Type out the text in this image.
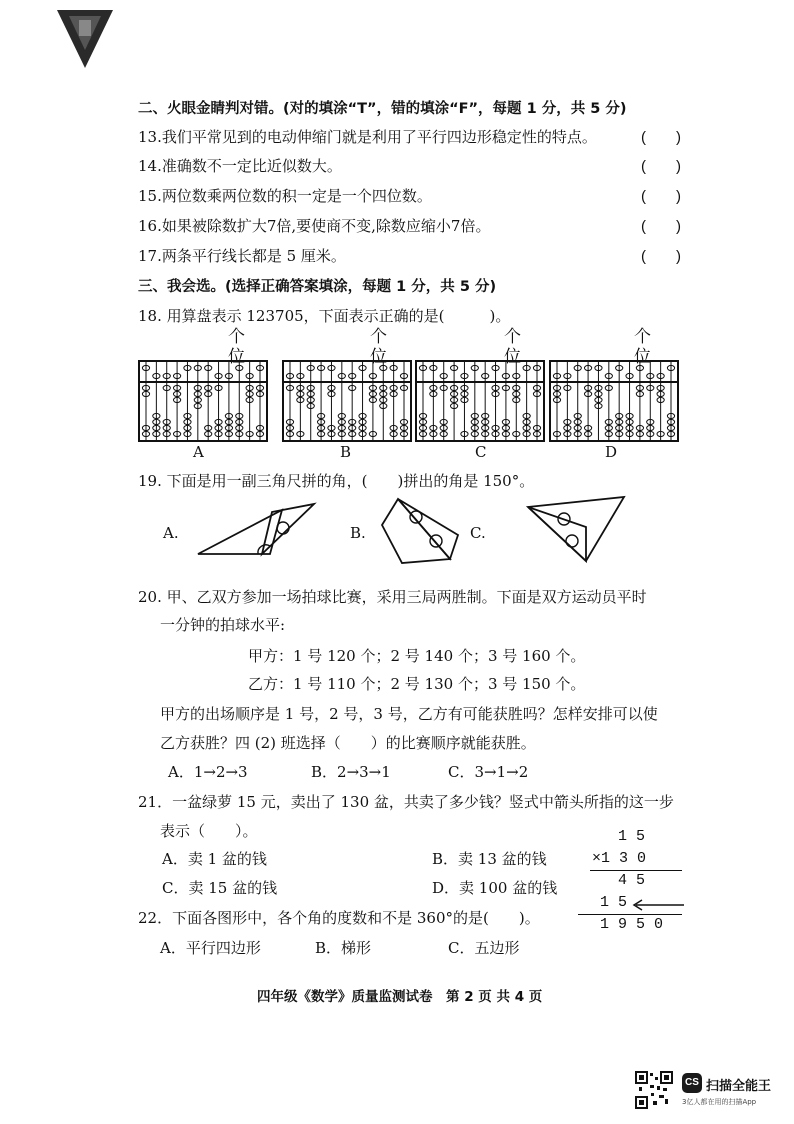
二、火眼金睛判对错。(对的填涂“T”，错的填涂“F”，每题 1 分，共 5 分)
13.我们平常见到的电动伸缩门就是利用了平行四边形稳定性的特点。	(　　)
14.准确数不一定比近似数大。	(　　)
15.两位数乘两位数的积一定是一个四位数。	(　　)
16.如果被除数扩大7倍,要使商不变,除数应缩小7倍。	(　　)
17.两条平行线长都是 5 厘米。	(　　)
三、我会选。(选择正确答案填涂，每题 1 分，共 5 分)
18. 用算盘表示 123705，下面表示正确的是(　　　)。
个
位
个
位
个
位
个
位
A	B	C	D
19. 下面是用一副三角尺拼的角，(　　)拼出的角是 150°。
A.	B.	C.
20. 甲、乙双方参加一场拍球比赛，采用三局两胜制。下面是双方运动员平时
一分钟的拍球水平:
甲方：1 号 120 个；2 号 140 个；3 号 160 个。
乙方：1 号 110 个；2 号 130 个；3 号 150 个。
甲方的出场顺序是 1 号，2 号，3 号，乙方有可能获胜吗？怎样安排可以使
乙方获胜？四 (2) 班选择（　　）的比赛顺序就能获胜。
A．1→2→3	B．2→3→1	C．3→1→2
21．一盆绿萝 15 元，卖出了 130 盆，共卖了多少钱？竖式中箭头所指的这一步
表示（　　）。
A．卖 1 盆的钱	B．卖 13 盆的钱
C．卖 15 盆的钱	D．卖 100 盆的钱
1 5
×1 3 0
4 5
1 5
1 9 5 0
22．下面各图形中，各个角的度数和不是 360°的是(　　)。
A．平行四边形	B．梯形	C．五边形
四年级《数学》质量监测试卷　第 2 页 共 4 页
CS 扫描全能王
3亿人都在用的扫描App
